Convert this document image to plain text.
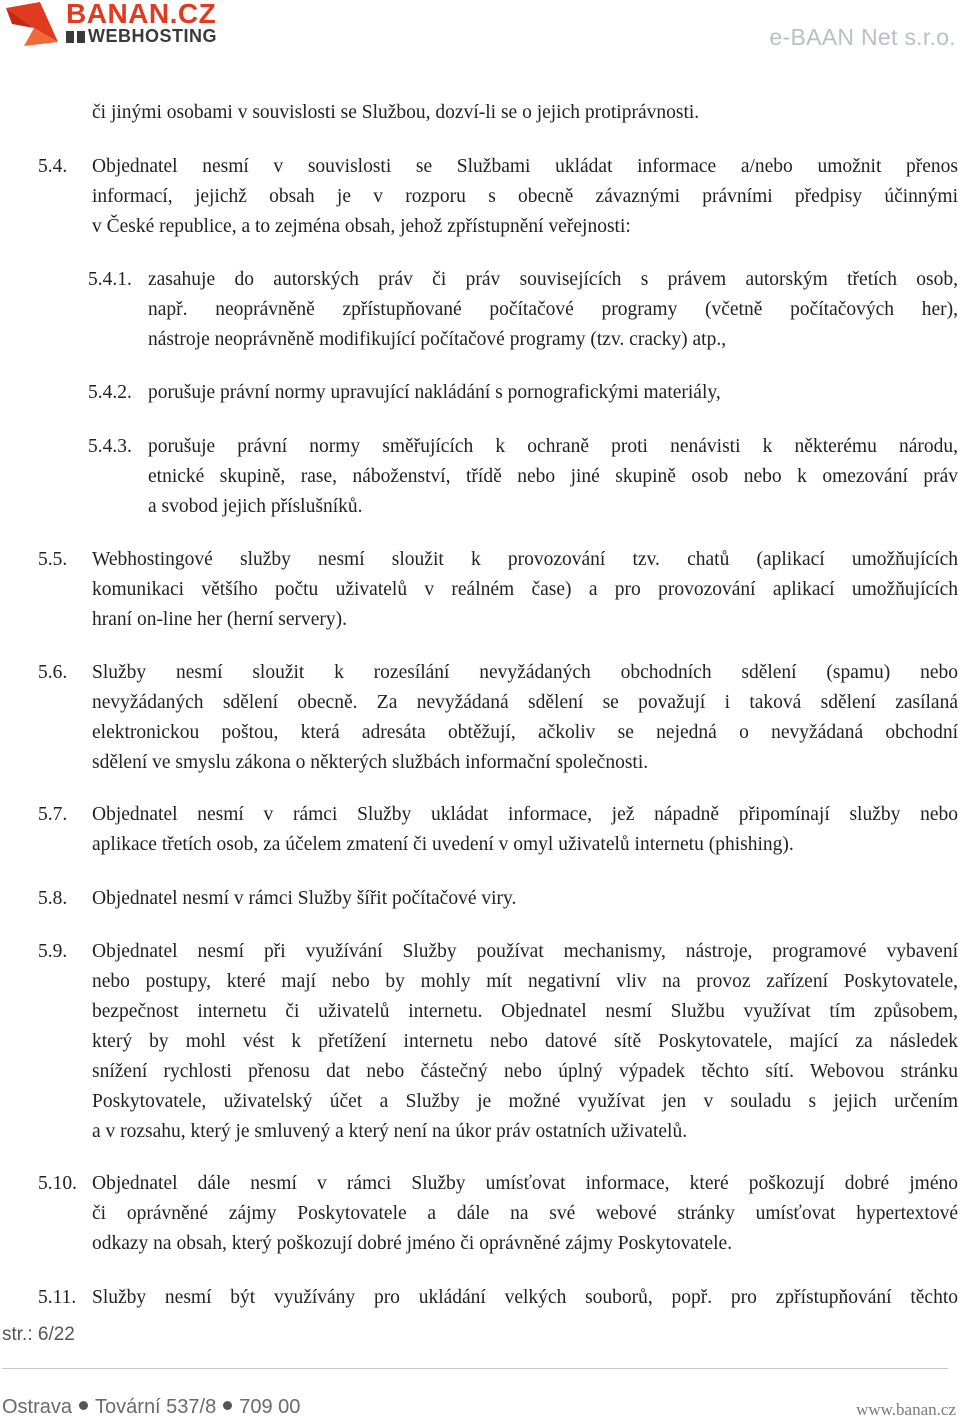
BANAN.CZ
WEBHOSTING	e-BAAN Net s.r.o.
či jinými osobami v souvislosti se Službou, dozví-li se o jejich protiprávnosti.
5.4. Objednatel nesmí v souvislosti se Službami ukládat informace a/nebo umožnit přenos
informací, jejichž obsah je v rozporu s obecně závaznými právními předpisy účinnými
v České republice, a to zejména obsah, jehož zpřístupnění veřejnosti:
5.4.1. zasahuje do autorských práv či práv souvisejících s právem autorským třetích osob,
např. neoprávněně zpřístupňované počítačové programy (včetně počítačových her),
nástroje neoprávněně modifikující počítačové programy (tzv. cracky) atp.,
5.4.2. porušuje právní normy upravující nakládání s pornografickými materiály,
5.4.3. porušuje právní normy směřujících k ochraně proti nenávisti k některému národu,
etnické skupině, rase, náboženství, třídě nebo jiné skupině osob nebo k omezování práv
a svobod jejich příslušníků.
5.5. Webhostingové služby nesmí sloužit k provozování tzv. chatů (aplikací umožňujících
komunikaci většího počtu uživatelů v reálném čase) a pro provozování aplikací umožňujících
hraní on-line her (herní servery).
5.6. Služby nesmí sloužit k rozesílání nevyžádaných obchodních sdělení (spamu) nebo
nevyžádaných sdělení obecně. Za nevyžádaná sdělení se považují i taková sdělení zasílaná
elektronickou poštou, která adresáta obtěžují, ačkoliv se nejedná o nevyžádaná obchodní
sdělení ve smyslu zákona o některých službách informační společnosti.
5.7. Objednatel nesmí v rámci Služby ukládat informace, jež nápadně připomínají služby nebo
aplikace třetích osob, za účelem zmatení či uvedení v omyl uživatelů internetu (phishing).
5.8. Objednatel nesmí v rámci Služby šířit počítačové viry.
5.9. Objednatel nesmí při využívání Služby používat mechanismy, nástroje, programové vybavení
nebo postupy, které mají nebo by mohly mít negativní vliv na provoz zařízení Poskytovatele,
bezpečnost internetu či uživatelů internetu. Objednatel nesmí Službu využívat tím způsobem,
který by mohl vést k přetížení internetu nebo datové sítě Poskytovatele, mající za následek
snížení rychlosti přenosu dat nebo částečný nebo úplný výpadek těchto sítí. Webovou stránku
Poskytovatele, uživatelský účet a Služby je možné využívat jen v souladu s jejich určením
a v rozsahu, který je smluvený a který není na úkor práv ostatních uživatelů.
5.10. Objednatel dále nesmí v rámci Služby umísťovat informace, které poškozují dobré jméno
či oprávněné zájmy Poskytovatele a dále na své webové stránky umísťovat hypertextové
odkazy na obsah, který poškozují dobré jméno či oprávněné zájmy Poskytovatele.
5.11. Služby nesmí být využívány pro ukládání velkých souborů, popř. pro zpřístupňování těchto
str.: 6/22
Ostrava Tovární 537/8 709 00	www.banan.cz
